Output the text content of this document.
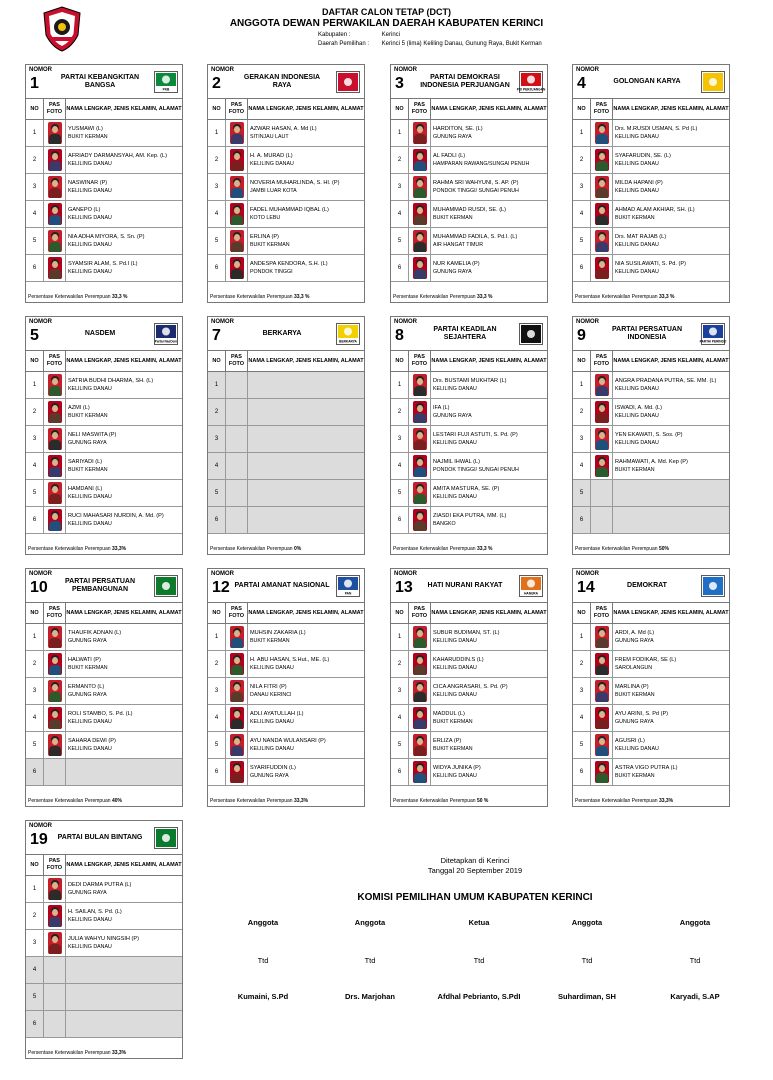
DAFTAR CALON TETAP (DCT)
ANGGOTA DEWAN PERWAKILAN DAERAH KABUPATEN KERINCI
Kabupaten :	Kerinci
Daerah Pemilihan : Kerinci 5 (lima) Keliling Danau, Gunung Raya, Bukit Kerman
NOMOR
1	PARTAI KEBANGKITAN BANGSA
PKB
NO
PAS FOTO
NAMA LENGKAP, JENIS KELAMIN, ALAMAT
1
YUSMAWI (L)
BUKIT KERMAN
2
AFRIADY DARMANSYAH, AM. Kep. (L)
KELILING DANAU
3
NASWINAR (P)
KELILING DANAU
4
GANEPO (L)
KELILING DANAU
5
NIA ADHA MIYORA, S. Sn. (P)
KELILING DANAU
6
SYAMSIR ALAM, S. Pd.I (L)
KELILING DANAU
Persentase Keterwakilan Perempuan 33,3 %
NOMOR
2	GERAKAN INDONESIA RAYA
NO
PAS FOTO
NAMA LENGKAP, JENIS KELAMIN, ALAMAT
1
AZWAR HASAN, A. Md (L)
SITINJAU LAUT
2
H. A. MURAD (L)
KELILING DANAU
3
NOVERIA MUHARLINDA, S. HI. (P)
JAMBI LUAR KOTA
4
FADEL MUHAMMAD IQBAL (L)
KOTO LEBU
5
ERLINA (P)
BUKIT KERMAN
6
ANDESPA KENDORA, S.H. (L)
PONDOK TINGGI
Persentase Keterwakilan Perempuan 33,3 %
NOMOR
3	PARTAI DEMOKRASI INDONESIA PERJUANGAN
PDI PERJUANGAN
NO
PAS FOTO
NAMA LENGKAP, JENIS KELAMIN, ALAMAT
1
HARDITON, SE. (L)
GUNUNG RAYA
2
AL FADLI (L)
HAMPARAN RAWANG/SUNGAI PENUH
3
RAHMA SRI WAHYUNI, S. AP. (P)
PONDOK TINGGI/ SUNGAI PENUH
4
MUHAMMAD RUSDI, SE. (L)
BUKIT KERMAN
5
MUHAMMAD FADILA, S. Pd.I. (L)
AIR HANGAT TIMUR
6
NUR KAMELIA (P)
GUNUNG RAYA
Persentase Keterwakilan Perempuan 33,3 %
NOMOR
4	GOLONGAN KARYA
NO
PAS FOTO
NAMA LENGKAP, JENIS KELAMIN, ALAMAT
1
Drs. M.RUSDI USMAN, S. Pd (L)
KELILING DANAU
2
SYAFARUDIN, SE. (L)
KELILING DANAU
3
MILDA HAPANI (P)
KELILING DANAU
4
AHMAD ALAM AKHIAR, SH. (L)
BUKIT KERMAN
5
Drs. MAT RAJAB (L)
KELILING DANAU
6
NIA SUSILAWATI, S. Pd. (P)
KELILING DANAU
Persentase Keterwakilan Perempuan 33,3 %
NOMOR
5	NASDEM
Partai NasDem
NO
PAS FOTO
NAMA LENGKAP, JENIS KELAMIN, ALAMAT
1
SATRIA BUDHI DHARMA, SH. (L)
KELILING DANAU
2
AZMI (L)
BUKIT KERMAN
3
NELI MASWITA (P)
GUNUNG RAYA
4
SARIYADI (L)
BUKIT KERMAN
5
HAMDANI (L)
KELILING DANAU
6
RUCI MAHASARI NURDIN, A. Md. (P)
KELILING DANAU
Persentase Keterwakilan Perempuan 33,3%
NOMOR
7	BERKARYA
BERKARYA
NO
PAS FOTO
NAMA LENGKAP, JENIS KELAMIN, ALAMAT
1
2
3
4
5
6
Persentase Keterwakilan Perempuan 0%
NOMOR
8	PARTAI KEADILAN SEJAHTERA
NO
PAS FOTO
NAMA LENGKAP, JENIS KELAMIN, ALAMAT
1
Drs. BUSTAMI MUKHTAR (L)
KELILING DANAU
2
IFA (L)
GUNUNG RAYA
3
LESTARI FUJI ASTUTI, S. Pd. (P)
KELILING DANAU
4
NAJMIL IHWAL (L)
PONDOK TINGGI/ SUNGAI PENUH
5
AMITA MASTURA, SE. (P)
KELILING DANAU
6
ZIASDI EKA PUTRA, MM. (L)
BANGKO
Persentase Keterwakilan Perempuan 33,3 %
NOMOR
9	PARTAI PERSATUAN INDONESIA
PARTAI PERINDO
NO
PAS FOTO
NAMA LENGKAP, JENIS KELAMIN, ALAMAT
1
ANGRA PRADANA PUTRA, SE. MM. (L)
KELILING DANAU
2
ISWADI, A. Md. (L)
KELILING DANAU
3
YEN EKAWATI, S. Sos. (P)
KELILING DANAU
4
RAHMAWATI, A. Md. Kep (P)
BUKIT KERMAN
5
6
Persentase Keterwakilan Perempuan 50%
NOMOR
10	PARTAI PERSATUAN PEMBANGUNAN
NO
PAS FOTO
NAMA LENGKAP, JENIS KELAMIN, ALAMAT
1
THAUFIK ADNAN (L)
GUNUNG RAYA
2
HALWATI (P)
BUKIT KERMAN
3
ERMANTO (L)
GUNUNG RAYA
4
ROLI STAMBO, S. Pd. (L)
KELILING DANAU
5
SAHARA DEWI (P)
KELILING DANAU
6
Persentase Keterwakilan Perempuan 40%
NOMOR
12 PARTAI AMANAT NASIONAL
PAN
NO
PAS FOTO
NAMA LENGKAP, JENIS KELAMIN, ALAMAT
1
MUHSIN ZAKARIA (L)
BUKIT KERMAN
2
H. ABU HASAN, S.Hut., ME. (L)
KELILING DANAU
3
NILA FITRI (P)
DANAU KERINCI
4
ADLI AYATULLAH (L)
KELILING DANAU
5
AYU NANDA WULANSARI (P)
KELILING DANAU
6
SYARIFUDDIN (L)
GUNUNG RAYA
Persentase Keterwakilan Perempuan 33,3%
NOMOR
13	HATI NURANI RAKYAT
HANURA
NO
PAS FOTO
NAMA LENGKAP, JENIS KELAMIN, ALAMAT
1
SUBUR BUDIMAN, ST. (L)
KELILING DANAU
2
KAHARUDDIN.S (L)
KELILING DANAU
3
CICA ANGRASARI, S. Pd. (P)
KELILING DANAU
4
MADDUL (L)
BUKIT KERMAN
5
ERLIZA (P)
BUKIT KERMAN
6
WIDYA JUNIKA (P)
KELILING DANAU
Persentase Keterwakilan Perempuan 50 %
NOMOR
14	DEMOKRAT
NO
PAS FOTO
NAMA LENGKAP, JENIS KELAMIN, ALAMAT
1
ARDI, A. Md (L)
GUNUNG RAYA
2
FREM FODIKAR, SE (L)
SAROLANGUN
3
MARLINA (P)
BUKIT KERMAN
4
AYU ARINI, S. Pd (P)
GUNUNG RAYA
5
AGUSRI (L)
KELILING DANAU
6
ASTRA VIGO PUTRA (L)
BUKIT KERMAN
Persentase Keterwakilan Perempuan 33,3%
NOMOR
19	PARTAI BULAN BINTANG
NO
PAS FOTO
NAMA LENGKAP, JENIS KELAMIN, ALAMAT
1
DEDI DARMA PUTRA (L)
GUNUNG RAYA
2
H. SAILAN, S. Pd. (L)
KELILING DANAU
3
JULIA WAHYU NINGSIH (P)
KELILING DANAU
4
5
6
Persentase Keterwakilan Perempuan 33,3%
Ditetapkan di Kerinci
Tanggal 20 September 2019
KOMISI PEMILIHAN UMUM KABUPATEN KERINCI
Anggota
Ttd
Kumaini, S.Pd
Anggota
Ttd
Drs. Marjohan
Ketua
Ttd
Afdhal Pebrianto, S.PdI
Anggota
Ttd
Suhardiman, SH
Anggota
Ttd
Karyadi, S.AP
